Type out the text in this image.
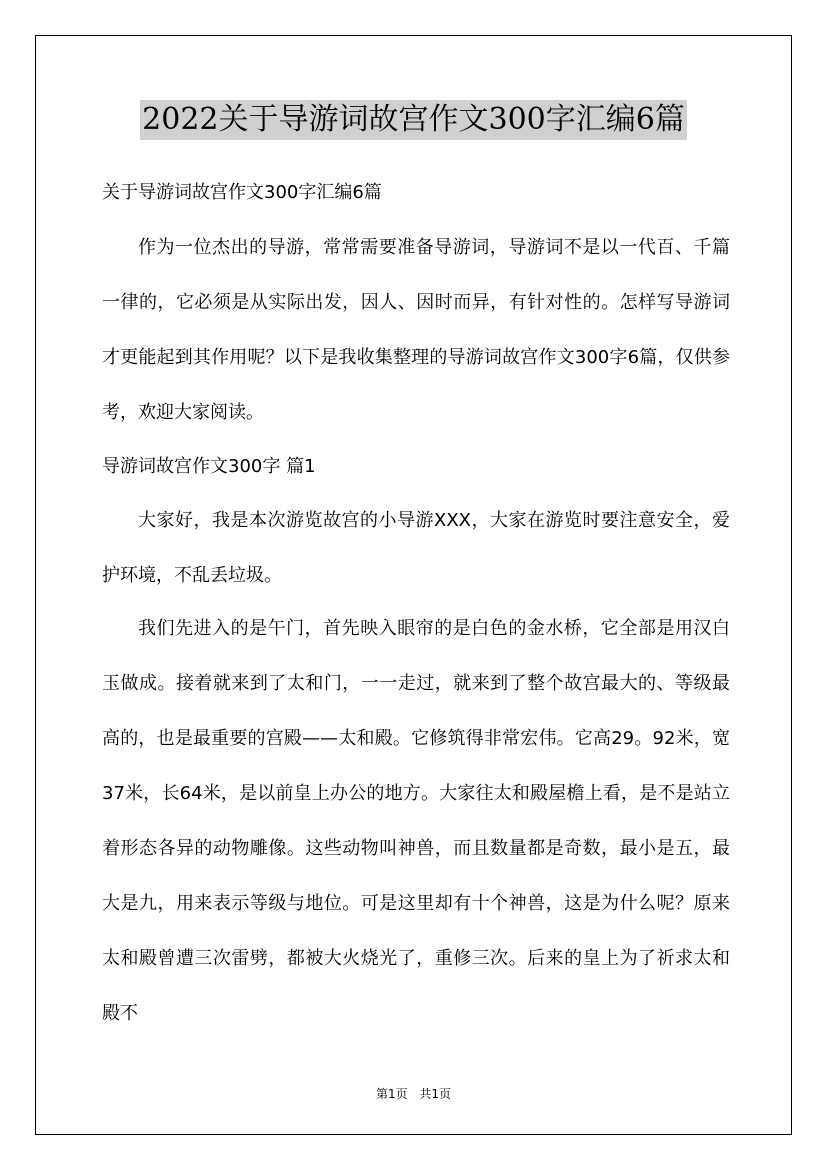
2022关于导游词故宫作文300字汇编6篇
关于导游词故宫作文300字汇编6篇

作为一位杰出的导游，常常需要准备导游词，导游词不是以一代百、千篇一律的，它必须是从实际出发，因人、因时而异，有针对性的。怎样写导游词才更能起到其作用呢？以下是我收集整理的导游词故宫作文300字6篇，仅供参考，欢迎大家阅读。

导游词故宫作文300字 篇1

大家好，我是本次游览故宫的小导游XXX，大家在游览时要注意安全，爱护环境，不乱丢垃圾。

我们先进入的是午门，首先映入眼帘的是白色的金水桥，它全部是用汉白玉做成。接着就来到了太和门，一一走过，就来到了整个故宫最大的、等级最高的，也是最重要的宫殿——太和殿。它修筑得非常宏伟。它高29。92米，宽37米，长64米，是以前皇上办公的地方。大家往太和殿屋檐上看，是不是站立着形态各异的动物雕像。这些动物叫神兽，而且数量都是奇数，最小是五，最大是九，用来表示等级与地位。可是这里却有十个神兽，这是为什么呢？原来太和殿曾遭三次雷劈，都被大火烧光了，重修三次。后来的皇上为了祈求太和殿不

第1页 共1页
